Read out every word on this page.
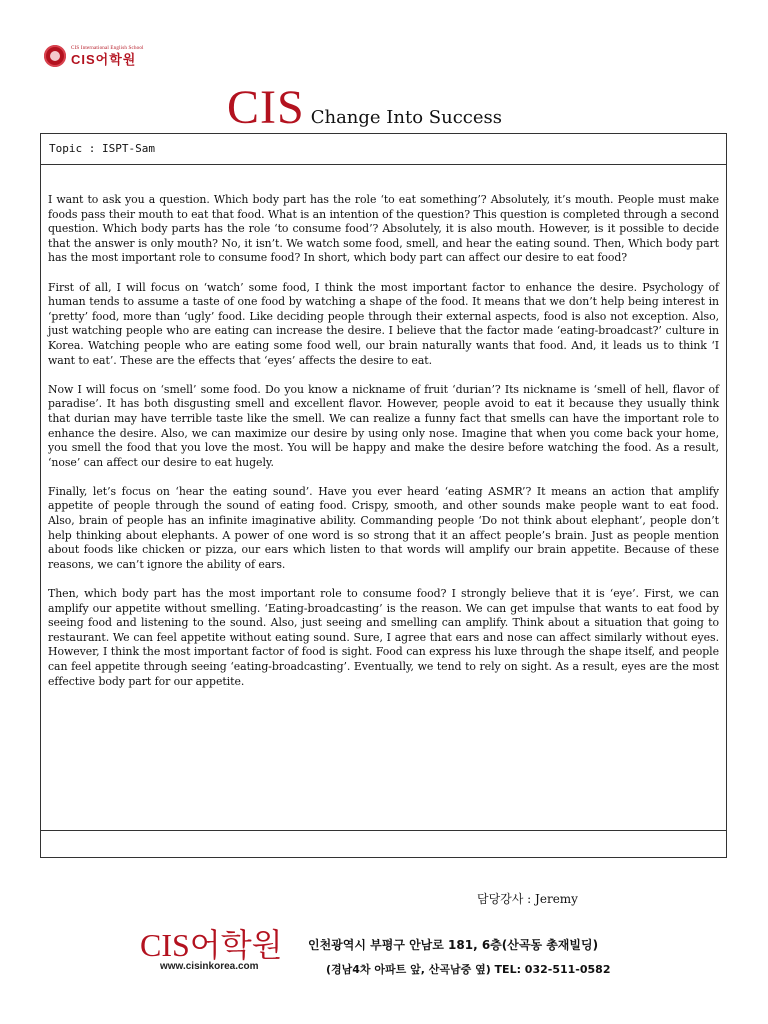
CIS International English School
CIS어학원
CIS Change Into Success
Topic : ISPT-Sam

I want to ask you a question. Which body part has the role ‘to eat something’? Absolutely, it’s mouth. People must make foods pass their mouth to eat that food. What is an intention of the question? This question is completed through a second question. Which body parts has the role ‘to consume food’? Absolutely, it is also mouth. However, is it possible to decide that the answer is only mouth? No, it isn’t. We watch some food, smell, and hear the eating sound. Then, Which body part has the most important role to consume food? In short, which body part can affect our desire to eat food?

First of all, I will focus on ‘watch’ some food, I think the most important factor to enhance the desire. Psychology of human tends to assume a taste of one food by watching a shape of the food. It means that we don’t help being interest in ‘pretty’ food, more than ‘ugly’ food. Like deciding people through their external aspects, food is also not exception. Also, just watching people who are eating can increase the desire. I believe that the factor made ‘eating-broadcast?’ culture in Korea. Watching people who are eating some food well, our brain naturally wants that food. And, it leads us to think ‘I want to eat’. These are the effects that ‘eyes’ affects the desire to eat.

Now I will focus on ‘smell’ some food. Do you know a nickname of fruit ‘durian’? Its nickname is ‘smell of hell, flavor of paradise’. It has both disgusting smell and excellent flavor. However, people avoid to eat it because they usually think that durian may have terrible taste like the smell. We can realize a funny fact that smells can have the important role to enhance the desire. Also, we can maximize our desire by using only nose. Imagine that when you come back your home, you smell the food that you love the most. You will be happy and make the desire before watching the food. As a result, ‘nose’ can affect our desire to eat hugely.

Finally, let’s focus on ‘hear the eating sound’. Have you ever heard ‘eating ASMR’? It means an action that amplify appetite of people through the sound of eating food. Crispy, smooth, and other sounds make people want to eat food. Also, brain of people has an infinite imaginative ability. Commanding people ‘Do not think about elephant’, people don’t help thinking about elephants. A power of one word is so strong that it an affect people’s brain. Just as people mention about foods like chicken or pizza, our ears which listen to that words will amplify our brain appetite. Because of these reasons, we can’t ignore the ability of ears.

Then, which body part has the most important role to consume food? I strongly believe that it is ‘eye’. First, we can amplify our appetite without smelling. ‘Eating-broadcasting’ is the reason. We can get impulse that wants to eat food by seeing food and listening to the sound. Also, just seeing and smelling can amplify. Think about a situation that going to restaurant. We can feel appetite without eating sound. Sure, I agree that ears and nose can affect similarly without eyes. However, I think the most important factor of food is sight. Food can express his luxe through the shape itself, and people can feel appetite through seeing ‘eating-broadcasting’. Eventually, we tend to rely on sight. As a result, eyes are the most effective body part for our appetite.

담당강사 : Jeremy
CIS어학원
www.cisinkorea.com
인천광역시 부평구 안남로 181, 6층(산곡동 총재빌딩)
(경남4차 아파트 앞, 산곡남중 옆) TEL: 032-511-0582
